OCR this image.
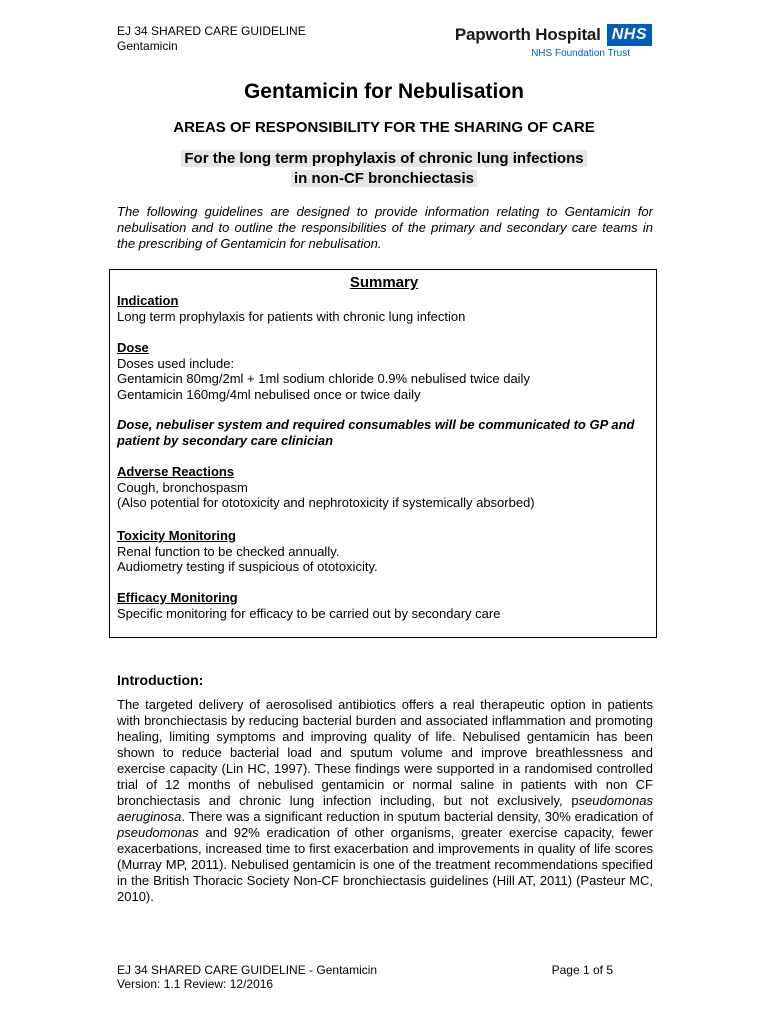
EJ 34 SHARED CARE GUIDELINE
Gentamicin
Papworth Hospital NHS
NHS Foundation Trust
Gentamicin for Nebulisation
AREAS OF RESPONSIBILITY FOR THE SHARING OF CARE
For the long term prophylaxis of chronic lung infections
in non-CF bronchiectasis
The following guidelines are designed to provide information relating to Gentamicin for nebulisation and to outline the responsibilities of the primary and secondary care teams in the prescribing of Gentamicin for nebulisation.
Summary
Indication
Long term prophylaxis for patients with chronic lung infection
Dose
Doses used include:
Gentamicin 80mg/2ml + 1ml sodium chloride 0.9% nebulised twice daily
Gentamicin 160mg/4ml nebulised once or twice daily
Dose, nebuliser system and required consumables will be communicated to GP and patient by secondary care clinician
Adverse Reactions
Cough, bronchospasm
(Also potential for ototoxicity and nephrotoxicity if systemically absorbed)
Toxicity Monitoring
Renal function to be checked annually.
Audiometry testing if suspicious of ototoxicity.
Efficacy Monitoring
Specific monitoring for efficacy to be carried out by secondary care
Introduction:
The targeted delivery of aerosolised antibiotics offers a real therapeutic option in patients with bronchiectasis by reducing bacterial burden and associated inflammation and promoting healing, limiting symptoms and improving quality of life. Nebulised gentamicin has been shown to reduce bacterial load and sputum volume and improve breathlessness and exercise capacity (Lin HC, 1997). These findings were supported in a randomised controlled trial of 12 months of nebulised gentamicin or normal saline in patients with non CF bronchiectasis and chronic lung infection including, but not exclusively, pseudomonas aeruginosa. There was a significant reduction in sputum bacterial density, 30% eradication of pseudomonas and 92% eradication of other organisms, greater exercise capacity, fewer exacerbations, increased time to first exacerbation and improvements in quality of life scores (Murray MP, 2011). Nebulised gentamicin is one of the treatment recommendations specified in the British Thoracic Society Non-CF bronchiectasis guidelines (Hill AT, 2011) (Pasteur MC, 2010).
EJ 34 SHARED CARE GUIDELINE - Gentamicin
Version: 1.1 Review: 12/2016
Page 1 of 5
